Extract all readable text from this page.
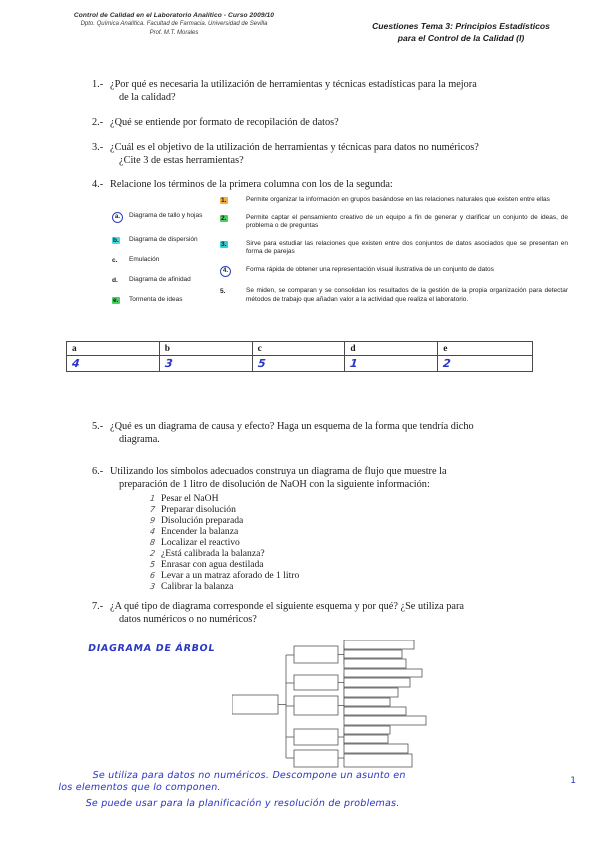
Control de Calidad en el Laboratorio Analítico - Curso 2009/10
Dpto. Química Analítica. Facultad de Farmacia. Universidad de Sevilla
Prof. M.T. Morales
Cuestiones Tema 3: Principios Estadísticos
para el Control de la Calidad (I)
1.- ¿Por qué es necesaria la utilización de herramientas y técnicas estadísticas para la mejora
de la calidad?
2.- ¿Qué se entiende por formato de recopilación de datos?
3.- ¿Cuál es el objetivo de la utilización de herramientas y técnicas para datos no numéricos?
¿Cite 3 de estas herramientas?
4.- Relacione los términos de la primera columna con los de la segunda:
a.	Diagrama de tallo y hojas
b.	Diagrama de dispersión
c.	Emulación
d.	Diagrama de afinidad
e.	Tormenta de ideas
1.	Permite organizar la información en grupos basándose en las relaciones naturales que existen entre ellas
2.	Permite captar el pensamiento creativo de un equipo a fin de generar y clarificar un conjunto de ideas, de problema o de preguntas
3.	Sirve para estudiar las relaciones que existen entre dos conjuntos de datos asociados que se presentan en forma de parejas
4.	Forma rápida de obtener una representación visual ilustrativa de un conjunto de datos
5.	Se miden, se comparan y se consolidan los resultados de la gestión de la propia organización para detectar métodos de trabajo que añadan valor a la actividad que realiza el laboratorio.
a	b	c	d	e
4	3	5	1	2
5.- ¿Qué es un diagrama de causa y efecto? Haga un esquema de la forma que tendría dicho
diagrama.
6.- Utilizando los símbolos adecuados construya un diagrama de flujo que muestre la
preparación de 1 litro de disolución de NaOH con la siguiente información:
1 Pesar el NaOH
7 Preparar disolución
9 Disolución preparada
4 Encender la balanza
8 Localizar el reactivo
2 ¿Está calibrada la balanza?
5 Enrasar con agua destilada
6 Levar a un matraz aforado de 1 litro
3 Calibrar la balanza
7.- ¿A qué tipo de diagrama corresponde el siguiente esquema y por qué? ¿Se utiliza para
datos numéricos o no numéricos?
DIAGRAMA DE ÁRBOL
Se utiliza para datos no numéricos. Descompone un asunto en
los elementos que lo componen.
Se puede usar para la planificación y resolución de problemas.
1
